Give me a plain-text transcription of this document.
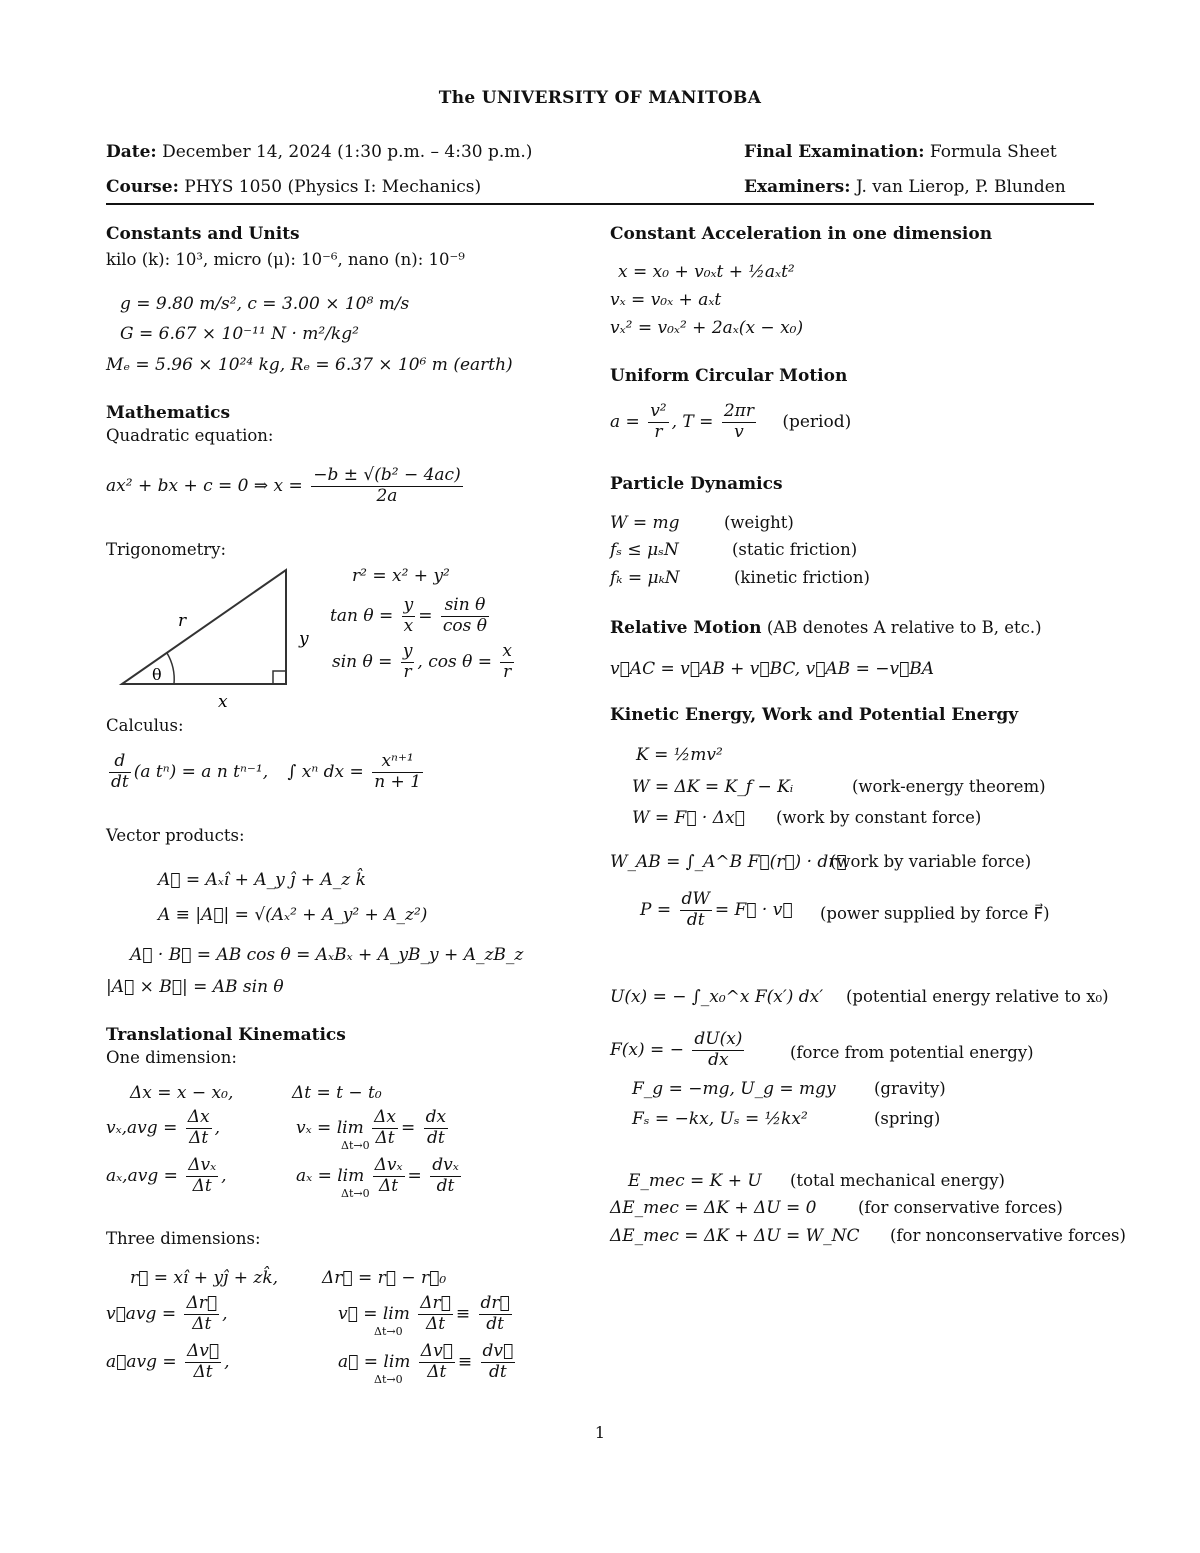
The UNIVERSITY OF MANITOBA
Date: December 14, 2024 (1:30 p.m. – 4:30 p.m.)	Final Examination: Formula Sheet
Course: PHYS 1050 (Physics I: Mechanics)	Examiners: J. van Lierop, P. Blunden
Constants and Units
kilo (k): 10³, micro (μ): 10⁻⁶, nano (n): 10⁻⁹
g = 9.80 m/s², c = 3.00 × 10⁸ m/s
G = 6.67 × 10⁻¹¹ N · m²/kg²
Mₑ = 5.96 × 10²⁴ kg, Rₑ = 6.37 × 10⁶ m (earth)
Mathematics
Quadratic equation:
ax² + bx + c = 0 ⇒ $x = \frac{\text{−b ± √(b² − 4ac)}}{2a}$
Trigonometry:
r
y
x
θ
r² = x² + y²
$\tan \theta = \frac{y}{x} = \frac{\text{sin θ}}{\text{cos θ}}$
$\sin \theta = \frac{y}{r}$ , $\cos \theta = \frac{x}{r}$
Calculus:
$\frac{d}{dt} (a$ tⁿ) = a n tⁿ⁻¹, ∫ xⁿ dx = $\frac{\text{xⁿ⁺¹}}{n + 1}$
Vector products:
A⃗ = Aₓî + A_y ĵ + A_z k̂
A ≡ |A⃗| = √(Aₓ² + A_y² + A_z²)
A⃗ · B⃗ = AB cos θ = AₓBₓ + A_yB_y + A_zB_z
|A⃗ × B⃗| = AB sin θ
Translational Kinematics
One dimension:
Δx = x − x₀,	Δt = t − t₀
$v_x,avg = \frac{\Delta x}{\Delta t}$ ,	$v_x = \lim \frac{\Delta x}{\Delta t} = \frac{dx}{dt}$
Δt→0
$a_x,avg = \frac{\text{Δvₓ}}{\Delta t}$ ,	$a_x = \lim \frac{\text{Δvₓ}}{\Delta t} = \frac{\text{dvₓ}}{dt}$
Δt→0
Three dimensions:
r⃗ = xî + yĵ + zk̂,	Δr⃗ = r⃗ − r⃗₀
v⃗avg = $\frac{\Delta r⃗}{\Delta t}$ ,	v⃗ = $\lim \frac{\Delta r⃗}{\Delta t} \equiv \frac{dr⃗}{dt}$
Δt→0
a⃗avg = $\frac{\Delta v⃗}{\Delta t}$ ,	a⃗ = $\lim \frac{\Delta v⃗}{\Delta t} \equiv \frac{dv⃗}{dt}$
Δt→0
Constant Acceleration in one dimension
x = x₀ + v₀ₓt + ½aₓt²
vₓ = v₀ₓ + aₓt
vₓ² = v₀ₓ² + 2aₓ(x − x₀)
Uniform Circular Motion
$a = \frac{\text{v²}}{r}$ , $T = \frac{2\pi r}{v}$ (period)
Particle Dynamics
W = mg	(weight)
fₛ ≤ μₛN	(static friction)
fₖ = μₖN	(kinetic friction)
Relative Motion (AB denotes A relative to B, etc.)
v⃗AC = v⃗AB + v⃗BC, v⃗AB = −v⃗BA
Kinetic Energy, Work and Potential Energy
K = ½mv²
W = ΔK = K_f − Kᵢ	(work-energy theorem)
W = F⃗ · Δx⃗ (work by constant force)
W_AB = ∫_A^B F⃗(r⃗) · dr⃗
(work by variable force)
$P = \frac{dW}{dt}$ = F⃗ · v⃗ (power supplied by force F⃗)
U(x) = − ∫_x₀^x F(x′) dx′ (potential energy relative to x₀)
F(x) = − $\frac{dU(x)}{dx}$	(force from potential energy)
F_g = −mg, U_g = mgy (gravity)
Fₛ = −kx, Uₛ = ½kx²	(spring)
E_mec = K + U (total mechanical energy)
ΔE_mec = ΔK + ΔU = 0	(for conservative forces)
ΔE_mec = ΔK + ΔU = W_NC (for nonconservative forces)
1
